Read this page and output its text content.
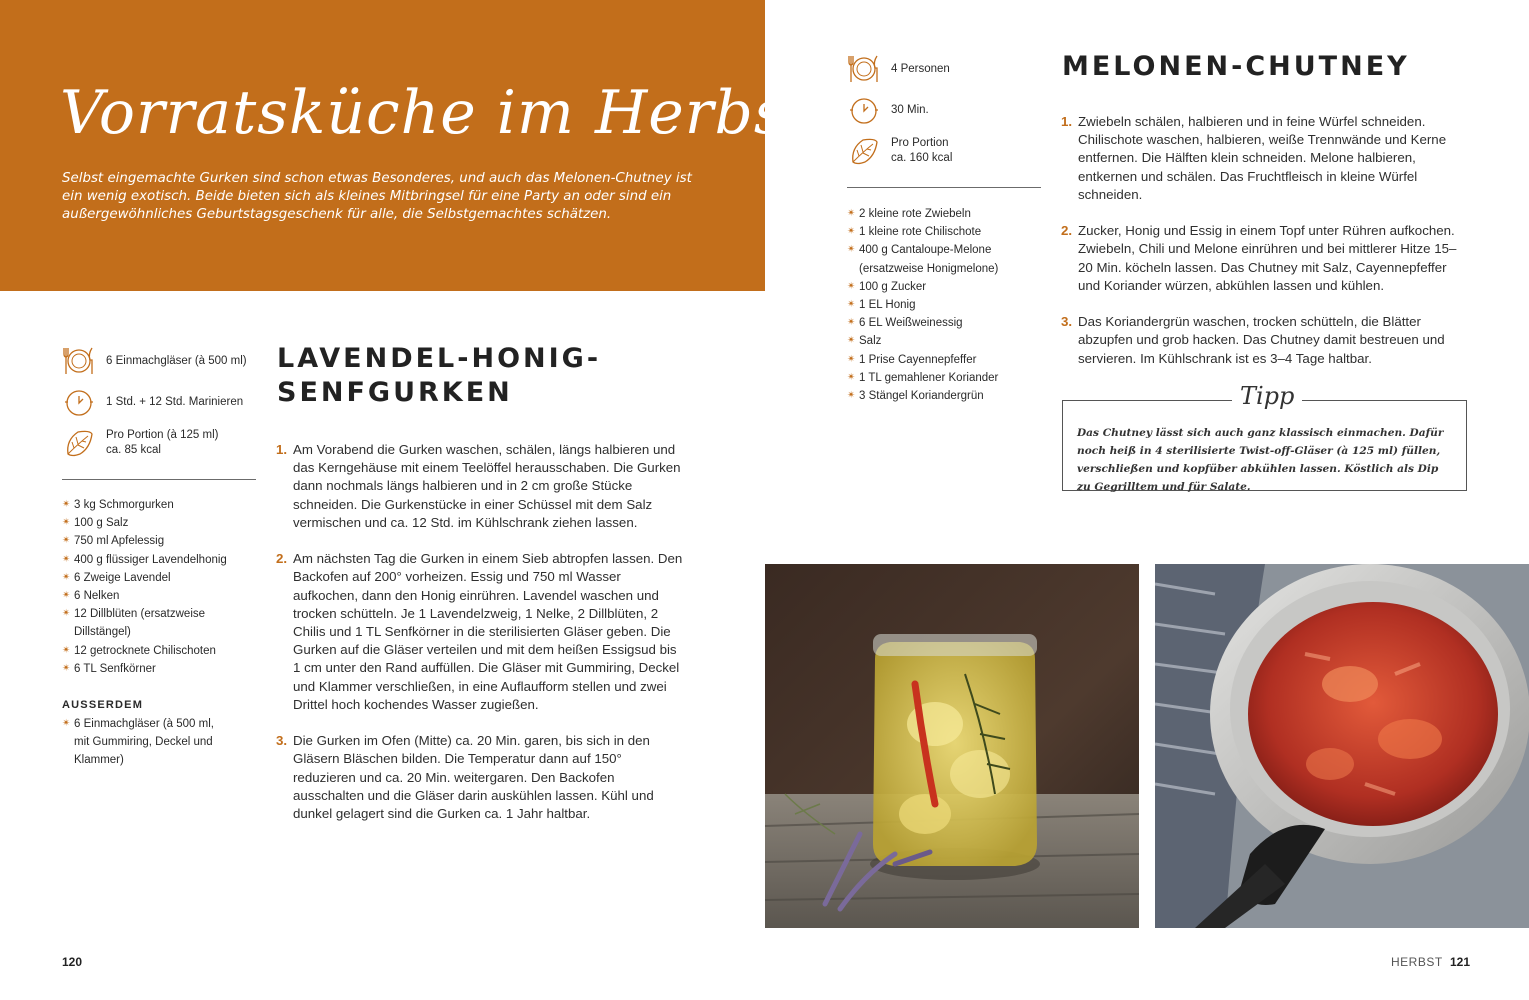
Vorratsküche im Herbst
Selbst eingemachte Gurken sind schon etwas Besonderes, und auch das Melonen-Chutney ist ein wenig exotisch. Beide bieten sich als kleines Mitbringsel für eine Party an oder sind ein außergewöhnliches Geburtstagsgeschenk für alle, die Selbstgemachtes schätzen.
6 Einmachgläser (à 500 ml)
1 Std. + 12 Std. Marinieren
Pro Portion (à 125 ml)
ca. 85 kcal
✴ 3 kg Schmorgurken
✴ 100 g Salz
✴ 750 ml Apfelessig
✴ 400 g flüssiger Lavendelhonig
✴ 6 Zweige Lavendel
✴ 6 Nelken
✴ 12 Dillblüten (ersatzweise
Dillstängel)
✴ 12 getrocknete Chilischoten
✴ 6 TL Senfkörner
AUSSERDEM
✴ 6 Einmachgläser (à 500 ml,
mit Gummiring, Deckel und
Klammer)
LAVENDEL-HONIG-
SENFGURKEN
1. Am Vorabend die Gurken waschen, schälen, längs halbieren und das Kerngehäuse mit einem Teelöffel herausschaben. Die Gurken dann nochmals längs halbieren und in 2 cm große Stücke schneiden. Die Gurkenstücke in einer Schüssel mit dem Salz vermischen und ca. 12 Std. im Kühlschrank ziehen lassen.
2. Am nächsten Tag die Gurken in einem Sieb abtropfen lassen. Den Backofen auf 200° vorheizen. Essig und 750 ml Wasser aufkochen, dann den Honig einrühren. Lavendel waschen und trocken schütteln. Je 1 Lavendelzweig, 1 Nelke, 2 Dillblüten, 2 Chilis und 1 TL Senfkörner in die sterilisierten Gläser geben. Die Gurken auf die Gläser verteilen und mit dem heißen Essigsud bis 1 cm unter den Rand auffüllen. Die Gläser mit Gummiring, Deckel und Klammer verschließen, in eine Auflaufform stellen und zwei Drittel hoch kochendes Wasser zugießen.
3. Die Gurken im Ofen (Mitte) ca. 20 Min. garen, bis sich in den Gläsern Bläschen bilden. Die Temperatur dann auf 150° reduzieren und ca. 20 Min. weitergaren. Den Backofen ausschalten und die Gläser darin auskühlen lassen. Kühl und dunkel gelagert sind die Gurken ca. 1 Jahr haltbar.
4 Personen
30 Min.
Pro Portion
ca. 160 kcal
✴ 2 kleine rote Zwiebeln
✴ 1 kleine rote Chilischote
✴ 400 g Cantaloupe-Melone
(ersatzweise Honigmelone)
✴ 100 g Zucker
✴ 1 EL Honig
✴ 6 EL Weißweinessig
✴ Salz
✴ 1 Prise Cayennepfeffer
✴ 1 TL gemahlener Koriander
✴ 3 Stängel Koriandergrün
MELONEN-CHUTNEY
1. Zwiebeln schälen, halbieren und in feine Würfel schneiden. Chilischote waschen, halbieren, weiße Trennwände und Kerne entfernen. Die Hälften klein schneiden. Melone halbieren, entkernen und schälen. Das Fruchtfleisch in kleine Würfel schneiden.
2. Zucker, Honig und Essig in einem Topf unter Rühren aufkochen. Zwiebeln, Chili und Melone einrühren und bei mittlerer Hitze 15–20 Min. köcheln lassen. Das Chutney mit Salz, Cayennepfeffer und Koriander würzen, abkühlen lassen und kühlen.
3. Das Koriandergrün waschen, trocken schütteln, die Blätter abzupfen und grob hacken. Das Chutney damit bestreuen und servieren. Im Kühlschrank ist es 3–4 Tage haltbar.
Tipp
Das Chutney lässt sich auch ganz klassisch einmachen. Dafür noch heiß in 4 sterilisierte Twist-off-Gläser (à 125 ml) füllen, verschließen und kopfüber abkühlen lassen. Köstlich als Dip zu Gegrilltem und für Salate.
120	HERBST 121
